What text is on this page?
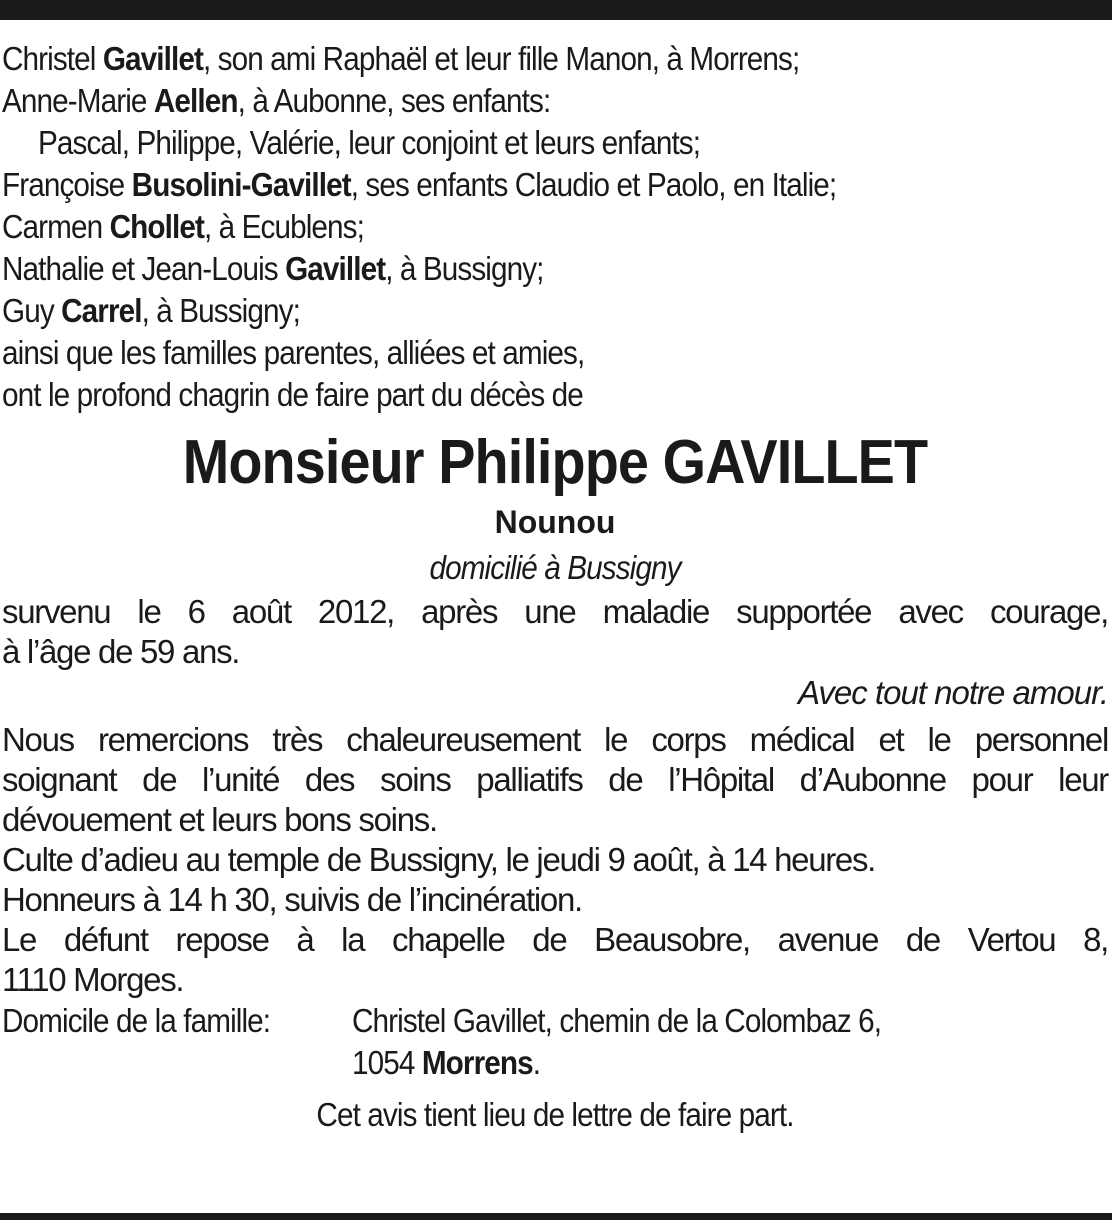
Christel Gavillet, son ami Raphaël et leur fille Manon, à Morrens;
Anne-Marie Aellen, à Aubonne, ses enfants:
Pascal, Philippe, Valérie, leur conjoint et leurs enfants;
Françoise Busolini-Gavillet, ses enfants Claudio et Paolo, en Italie;
Carmen Chollet, à Ecublens;
Nathalie et Jean-Louis Gavillet, à Bussigny;
Guy Carrel, à Bussigny;
ainsi que les familles parentes, alliées et amies,
ont le profond chagrin de faire part du décès de
Monsieur Philippe GAVILLET
Nounou
domicilié à Bussigny
survenu le 6 août 2012, après une maladie supportée avec courage,
à l’âge de 59 ans.
Avec tout notre amour.
Nous remercions très chaleureusement le corps médical et le personnel
soignant de l’unité des soins palliatifs de l’Hôpital d’Aubonne pour leur
dévouement et leurs bons soins.
Culte d’adieu au temple de Bussigny, le jeudi 9 août, à 14 heures.
Honneurs à 14 h 30, suivis de l’incinération.
Le défunt repose à la chapelle de Beausobre, avenue de Vertou 8,
1110 Morges.
Domicile de la famille:	Christel Gavillet, chemin de la Colombaz 6,
1054 Morrens.
Cet avis tient lieu de lettre de faire part.
